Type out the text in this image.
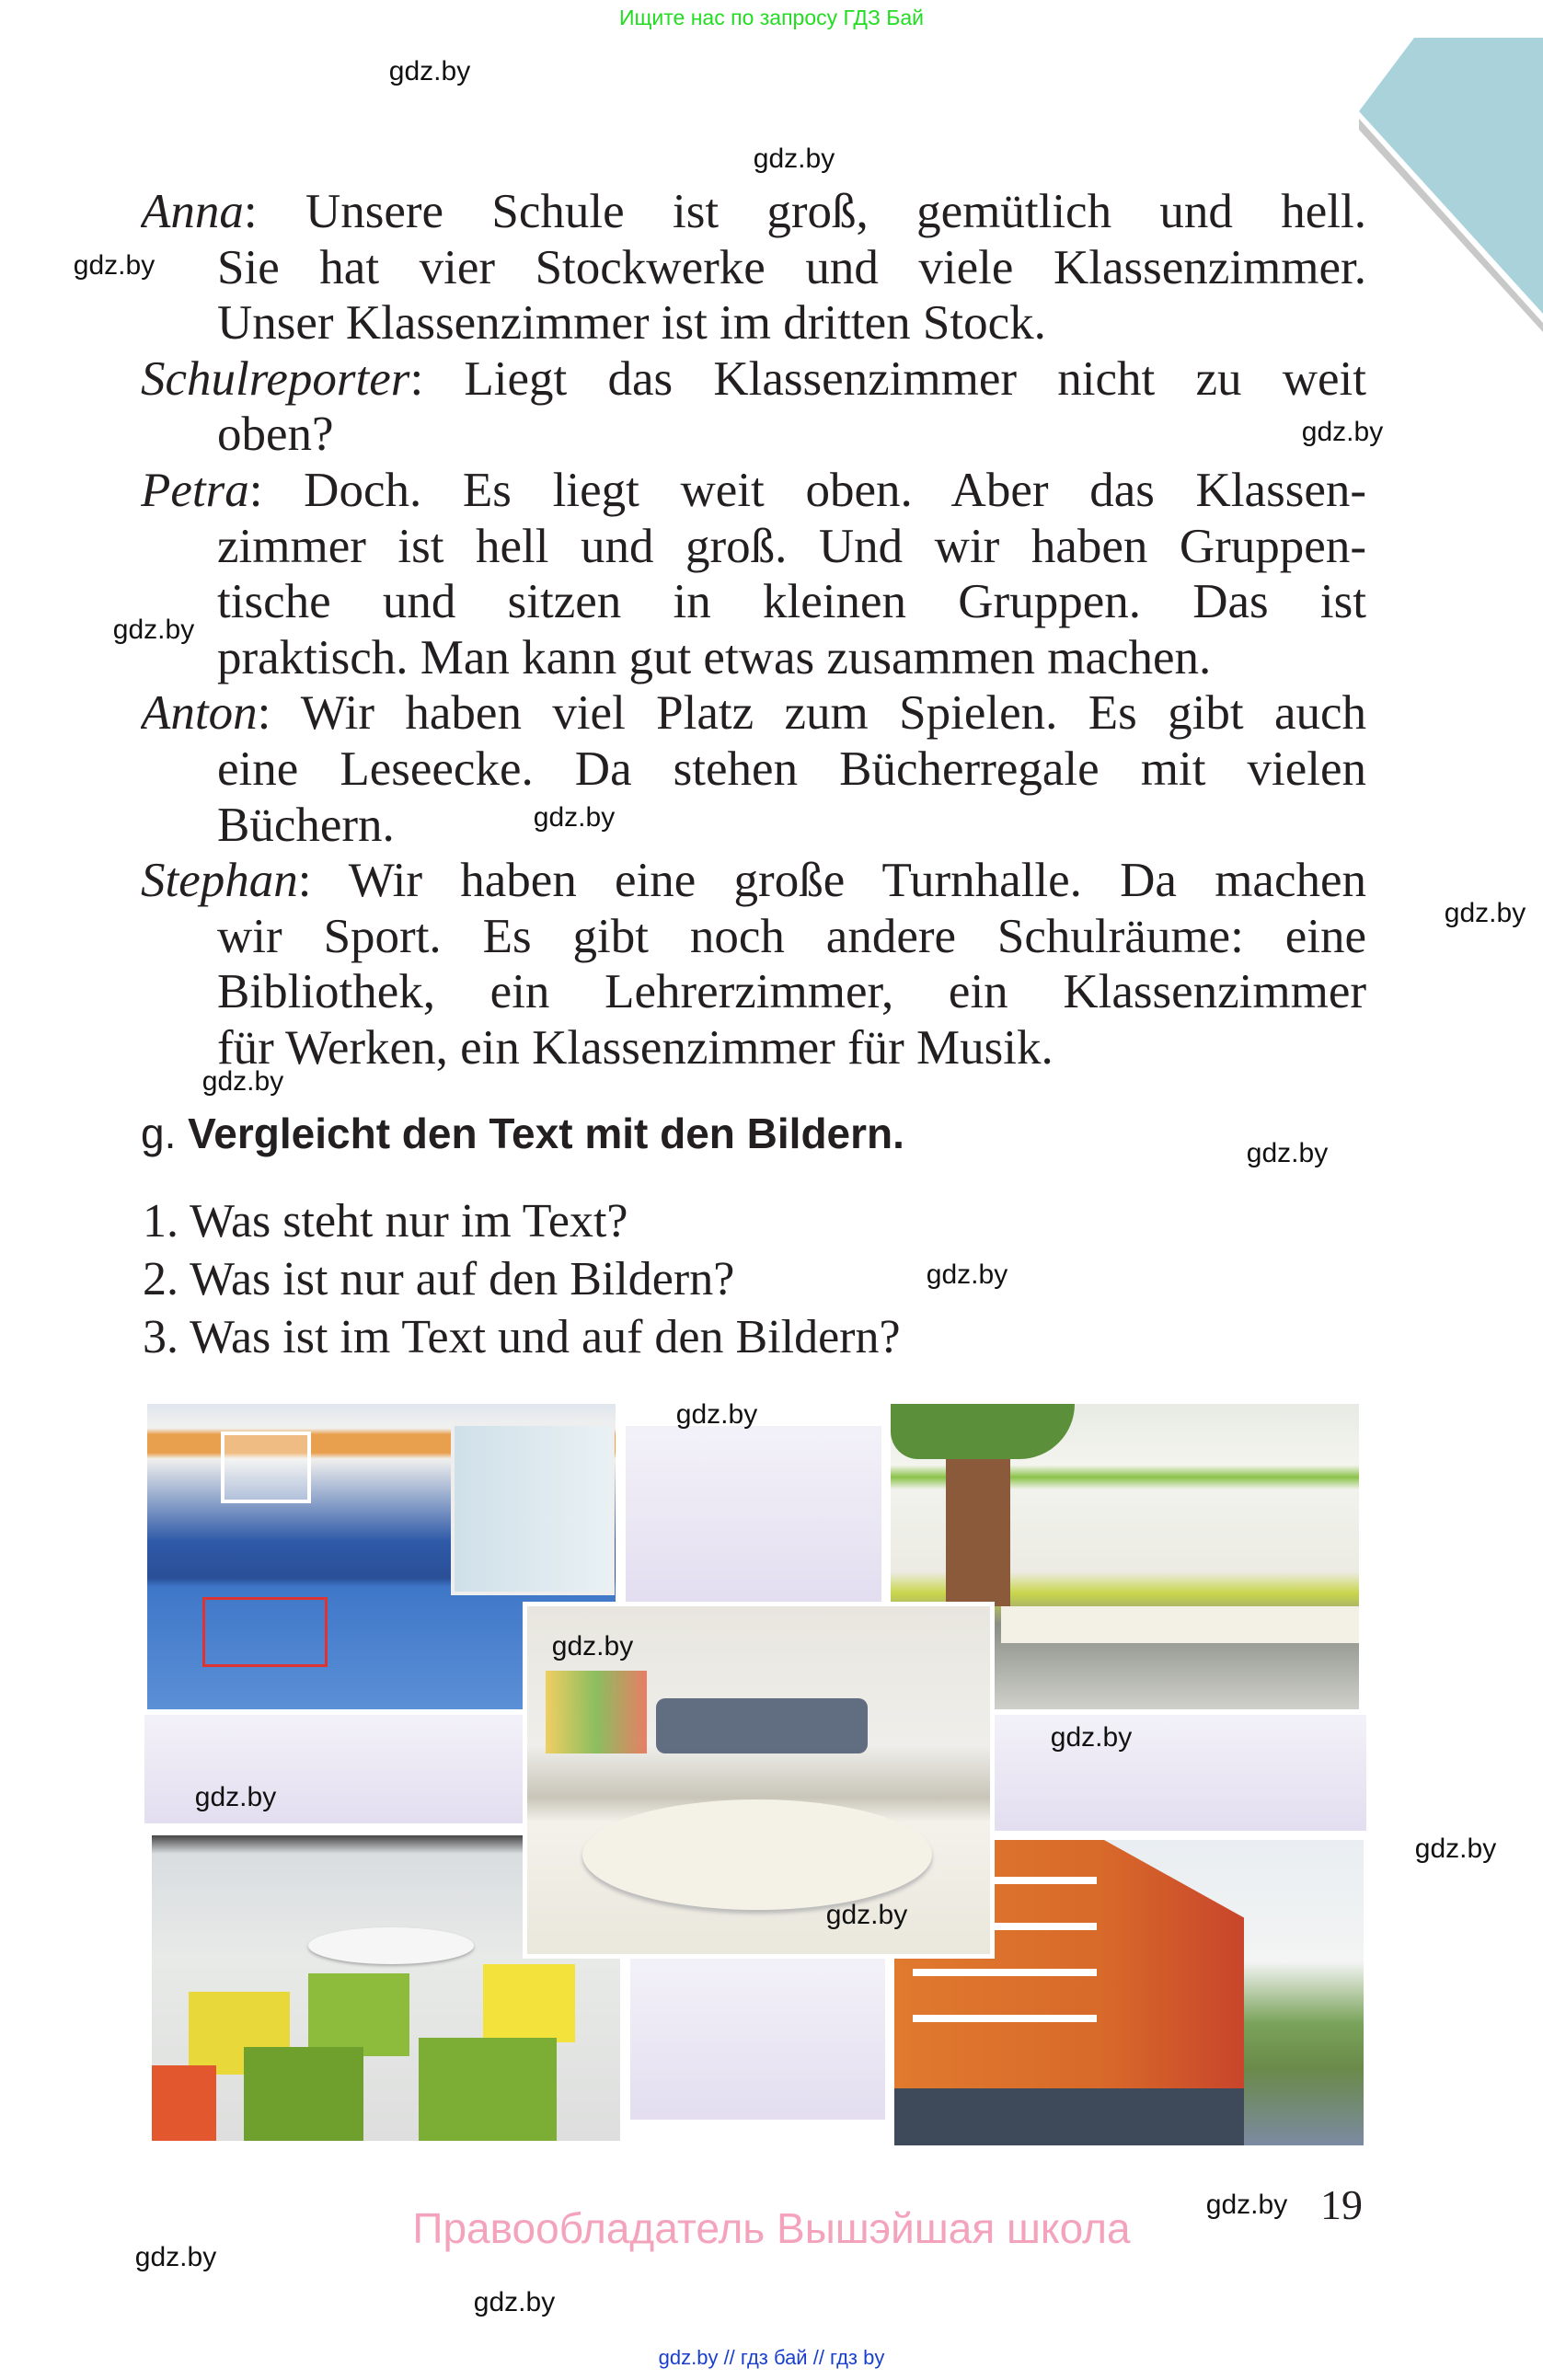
Ищите нас по запросу ГДЗ Бай
Anna: Unsere Schule ist groß, gemütlich und hell.
Sie hat vier Stockwerke und viele Klassenzimmer.
Unser Klassenzimmer ist im dritten Stock.
Schulreporter: Liegt das Klassenzimmer nicht zu weit
oben?
Petra: Doch. Es liegt weit oben. Aber das Klassen-
zimmer ist hell und groß. Und wir haben Gruppen-
tische und sitzen in kleinen Gruppen. Das ist
praktisch. Man kann gut etwas zusammen machen.
Anton: Wir haben viel Platz zum Spielen. Es gibt auch
eine Leseecke. Da stehen Bücherregale mit vielen
Büchern.
Stephan: Wir haben eine große Turnhalle. Da machen
wir Sport. Es gibt noch andere Schulräume: eine
Bibliothek, ein Lehrerzimmer, ein Klassenzimmer
für Werken, ein Klassenzimmer für Musik.
g. Vergleicht den Text mit den Bildern.
1. Was steht nur im Text?
2. Was ist nur auf den Bildern?
3. Was ist im Text und auf den Bildern?
gdz.by
gdz.by
gdz.by
gdz.by
gdz.by
gdz.by
gdz.by
gdz.by
gdz.by
gdz.by
gdz.by
gdz.by
gdz.by
gdz.by
gdz.by
gdz.by
gdz.by
gdz.by
gdz.by
Правообладатель Вышэйшая школа	19
gdz.by // гдз бай // гдз by
